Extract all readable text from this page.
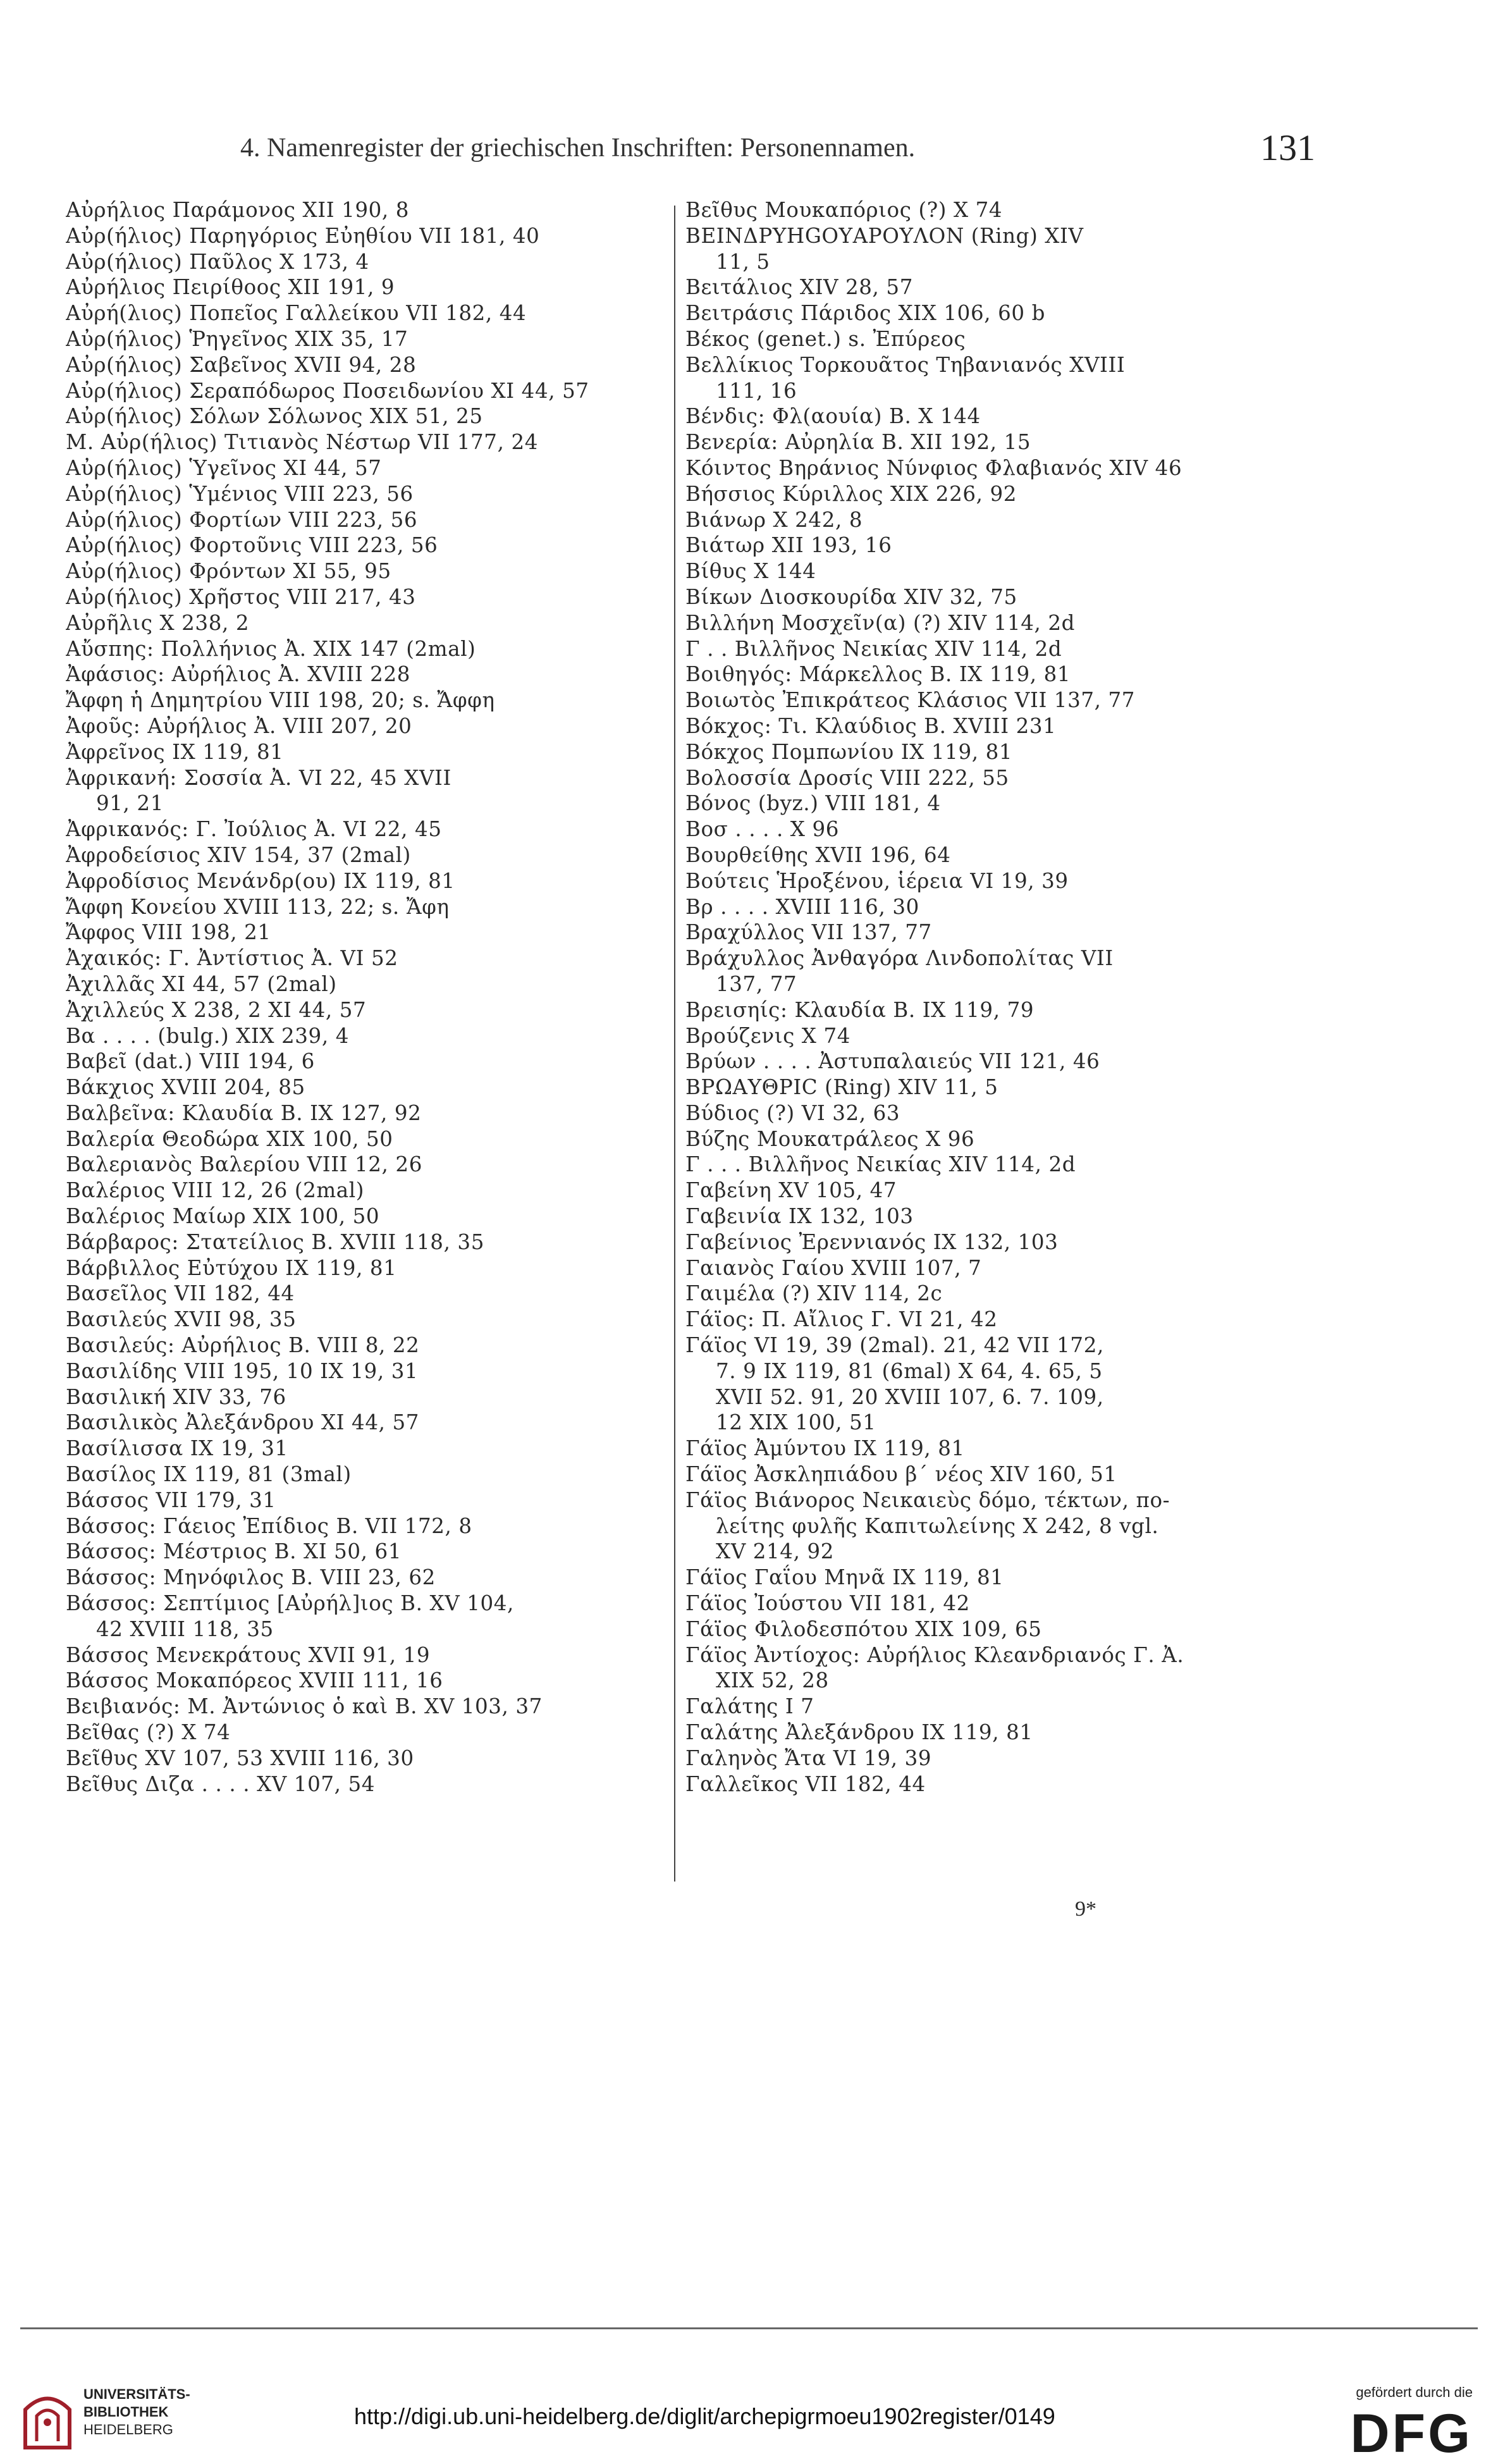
4. Namenregister der griechischen Inschriften: Personennamen.	131
Αὐρήλιος Παράμονος XII 190, 8
Αὐρ(ήλιος) Παρηγόριος Εὐηθίου VII 181, 40
Αὐρ(ήλιος) Παῦλος X 173, 4
Αὐρήλιος Πειρίθοος XII 191, 9
Αὐρή(λιος) Ποπεῖος Γαλλείκου VII 182, 44
Αὐρ(ήλιος) Ῥηγεῖνος XIX 35, 17
Αὐρ(ήλιος) Σαβεῖνος XVII 94, 28
Αὐρ(ήλιος) Σεραπόδωρος Ποσειδωνίου XI 44, 57
Αὐρ(ήλιος) Σόλων Σόλωνος XIX 51, 25
M. Αὐρ(ήλιος) Τιτιανὸς Νέστωρ VII 177, 24
Αὐρ(ήλιος) Ὑγεῖνος XI 44, 57
Αὐρ(ήλιος) Ὑμένιος VIII 223, 56
Αὐρ(ήλιος) Φορτίων VIII 223, 56
Αὐρ(ήλιος) Φορτοῦνις VIII 223, 56
Αὐρ(ήλιος) Φρόντων XI 55, 95
Αὐρ(ήλιος) Χρῆστος VIII 217, 43
Αὐρῆλις X 238, 2
Αὔσπης: Πολλήνιος Ἀ. XIX 147 (2mal)
Ἀφάσιος: Αὐρήλιος Ἀ. XVIII 228
Ἄφφη ἡ Δημητρίου VIII 198, 20; s. Ἄφφη
Ἀφοῦς: Αὐρήλιος Ἀ. VIII 207, 20
Ἀφρεῖνος IX 119, 81
Ἀφρικανή: Σοσσία Ἀ. VI 22, 45 XVII
91, 21
Ἀφρικανός: Γ. Ἰούλιος Ἀ. VI 22, 45
Ἀφροδείσιος XIV 154, 37 (2mal)
Ἀφροδίσιος Μενάνδρ(ου) IX 119, 81
Ἄφφη Κονείου XVIII 113, 22; s. Ἄφη
Ἄφφος VIII 198, 21
Ἀχαικός: Γ. Ἀντίστιος Ἀ. VI 52
Ἀχιλλᾶς XI 44, 57 (2mal)
Ἀχιλλεύς X 238, 2 XI 44, 57
Βα . . . . (bulg.) XIX 239, 4
Βαβεῖ (dat.) VIII 194, 6
Βάκχιος XVIII 204, 85
Βαλβεῖνα: Κλαυδία B. IX 127, 92
Βαλερία Θεοδώρα XIX 100, 50
Βαλεριανὸς Βαλερίου VIII 12, 26
Βαλέριος VIII 12, 26 (2mal)
Βαλέριος Μαίωρ XIX 100, 50
Βάρβαρος: Στατείλιος B. XVIII 118, 35
Βάρβιλλος Εὐτύχου IX 119, 81
Βασεῖλος VII 182, 44
Βασιλεύς XVII 98, 35
Βασιλεύς: Αὐρήλιος B. VIII 8, 22
Βασιλίδης VIII 195, 10 IX 19, 31
Βασιλική XIV 33, 76
Βασιλικὸς Ἀλεξάνδρου XI 44, 57
Βασίλισσα IX 19, 31
Βασίλος IX 119, 81 (3mal)
Βάσσος VII 179, 31
Βάσσος: Γάειος Ἐπίδιος B. VII 172, 8
Βάσσος: Μέστριος B. XI 50, 61
Βάσσος: Μηνόφιλος B. VIII 23, 62
Βάσσος: Σεπτίμιος [Αὐρήλ]ιος B. XV 104,
42 XVIII 118, 35
Βάσσος Μενεκράτους XVII 91, 19
Βάσσος Μοκαπόρεος XVIII 111, 16
Βειβιανός: M. Ἀντώνιος ὁ καὶ B. XV 103, 37
Βεῖθας (?) X 74
Βεῖθυς XV 107, 53 XVIII 116, 30
Βεῖθυς Διζα . . . . XV 107, 54
Βεῖθυς Μουκαπόριος (?) X 74
ΒΕΙΝΔΡΥΗGΟΥΑΡΟΥΛΟΝ (Ring) XIV
11, 5
Βειτάλιος XIV 28, 57
Βειτράσις Πάριδος XIX 106, 60 b
Βέκος (genet.) s. Ἐπύρεος
Βελλίκιος Τορκουᾶτος Τηβανιανός XVIII
111, 16
Βένδις: Φλ(αουία) B. X 144
Βενερία: Αὐρηλία B. XII 192, 15
Κόιντος Βηράνιος Νύνφιος Φλαβιανός XIV 46
Βήσσιος Κύριλλος XIX 226, 92
Βιάνωρ X 242, 8
Βιάτωρ XII 193, 16
Βίθυς X 144
Βίκων Διοσκουρίδα XIV 32, 75
Βιλλήνη Μοσχεῖν(α) (?) XIV 114, 2d
Γ . . Βιλλῆνος Νεικίας XIV 114, 2d
Βοιθηγός: Μάρκελλος B. IX 119, 81
Βοιωτὸς Ἐπικράτεος Κλάσιος VII 137, 77
Βόκχος: Τι. Κλαύδιος B. XVIII 231
Βόκχος Πομπωνίου IX 119, 81
Βολοσσία Δροσίς VIII 222, 55
Βόνος (byz.) VIII 181, 4
Βοσ . . . . X 96
Βουρθείθης XVII 196, 64
Βούτεις Ἡροξένου, ἱέρεια VI 19, 39
Βρ . . . . XVIII 116, 30
Βραχύλλος VII 137, 77
Βράχυλλος Ἀνθαγόρα Λινδοπολίτας VII
137, 77
Βρεισηίς: Κλαυδία B. IX 119, 79
Βρούζενις X 74
Βρύων . . . . Ἀστυπαλαιεύς VII 121, 46
ΒΡΩΑΥΘΡΙC (Ring) XIV 11, 5
Βύδιος (?) VI 32, 63
Βύζης Μουκατράλεος X 96
Γ . . . Βιλλῆνος Νεικίας XIV 114, 2d
Γαβείνη XV 105, 47
Γαβεινία IX 132, 103
Γαβείνιος Ἐρεννιανός IX 132, 103
Γαιανὸς Γαίου XVIII 107, 7
Γαιμέλα (?) XIV 114, 2c
Γάϊος: Π. Αἴλιος Γ. VI 21, 42
Γάϊος VI 19, 39 (2mal). 21, 42 VII 172,
7. 9 IX 119, 81 (6mal) X 64, 4. 65, 5
XVII 52. 91, 20 XVIII 107, 6. 7. 109,
12 XIX 100, 51
Γάϊος Ἀμύντου IX 119, 81
Γάϊος Ἀσκληπιάδου β´ νέος XIV 160, 51
Γάϊος Βιάνορος Νεικαιεὺς δόμο, τέκτων, πο-
λείτης φυλῆς Καπιτωλείνης X 242, 8 vgl.
XV 214, 92
Γάϊος Γαΐου Μηνᾶ IX 119, 81
Γάϊος Ἰούστου VII 181, 42
Γάϊος Φιλοδεσπότου XIX 109, 65
Γάϊος Ἀντίοχος: Αὐρήλιος Κλεανδριανός Γ. Ἀ.
XIX 52, 28
Γαλάτης I 7
Γαλάτης Ἀλεξάνδρου IX 119, 81
Γαληνὸς Ἄτα VI 19, 39
Γαλλεῖκος VII 182, 44
9*
UNIVERSITÄTS-
BIBLIOTHEK
HEIDELBERG
http://digi.ub.uni-heidelberg.de/diglit/archepigrmoeu1902register/0149
gefördert durch die
DFG
